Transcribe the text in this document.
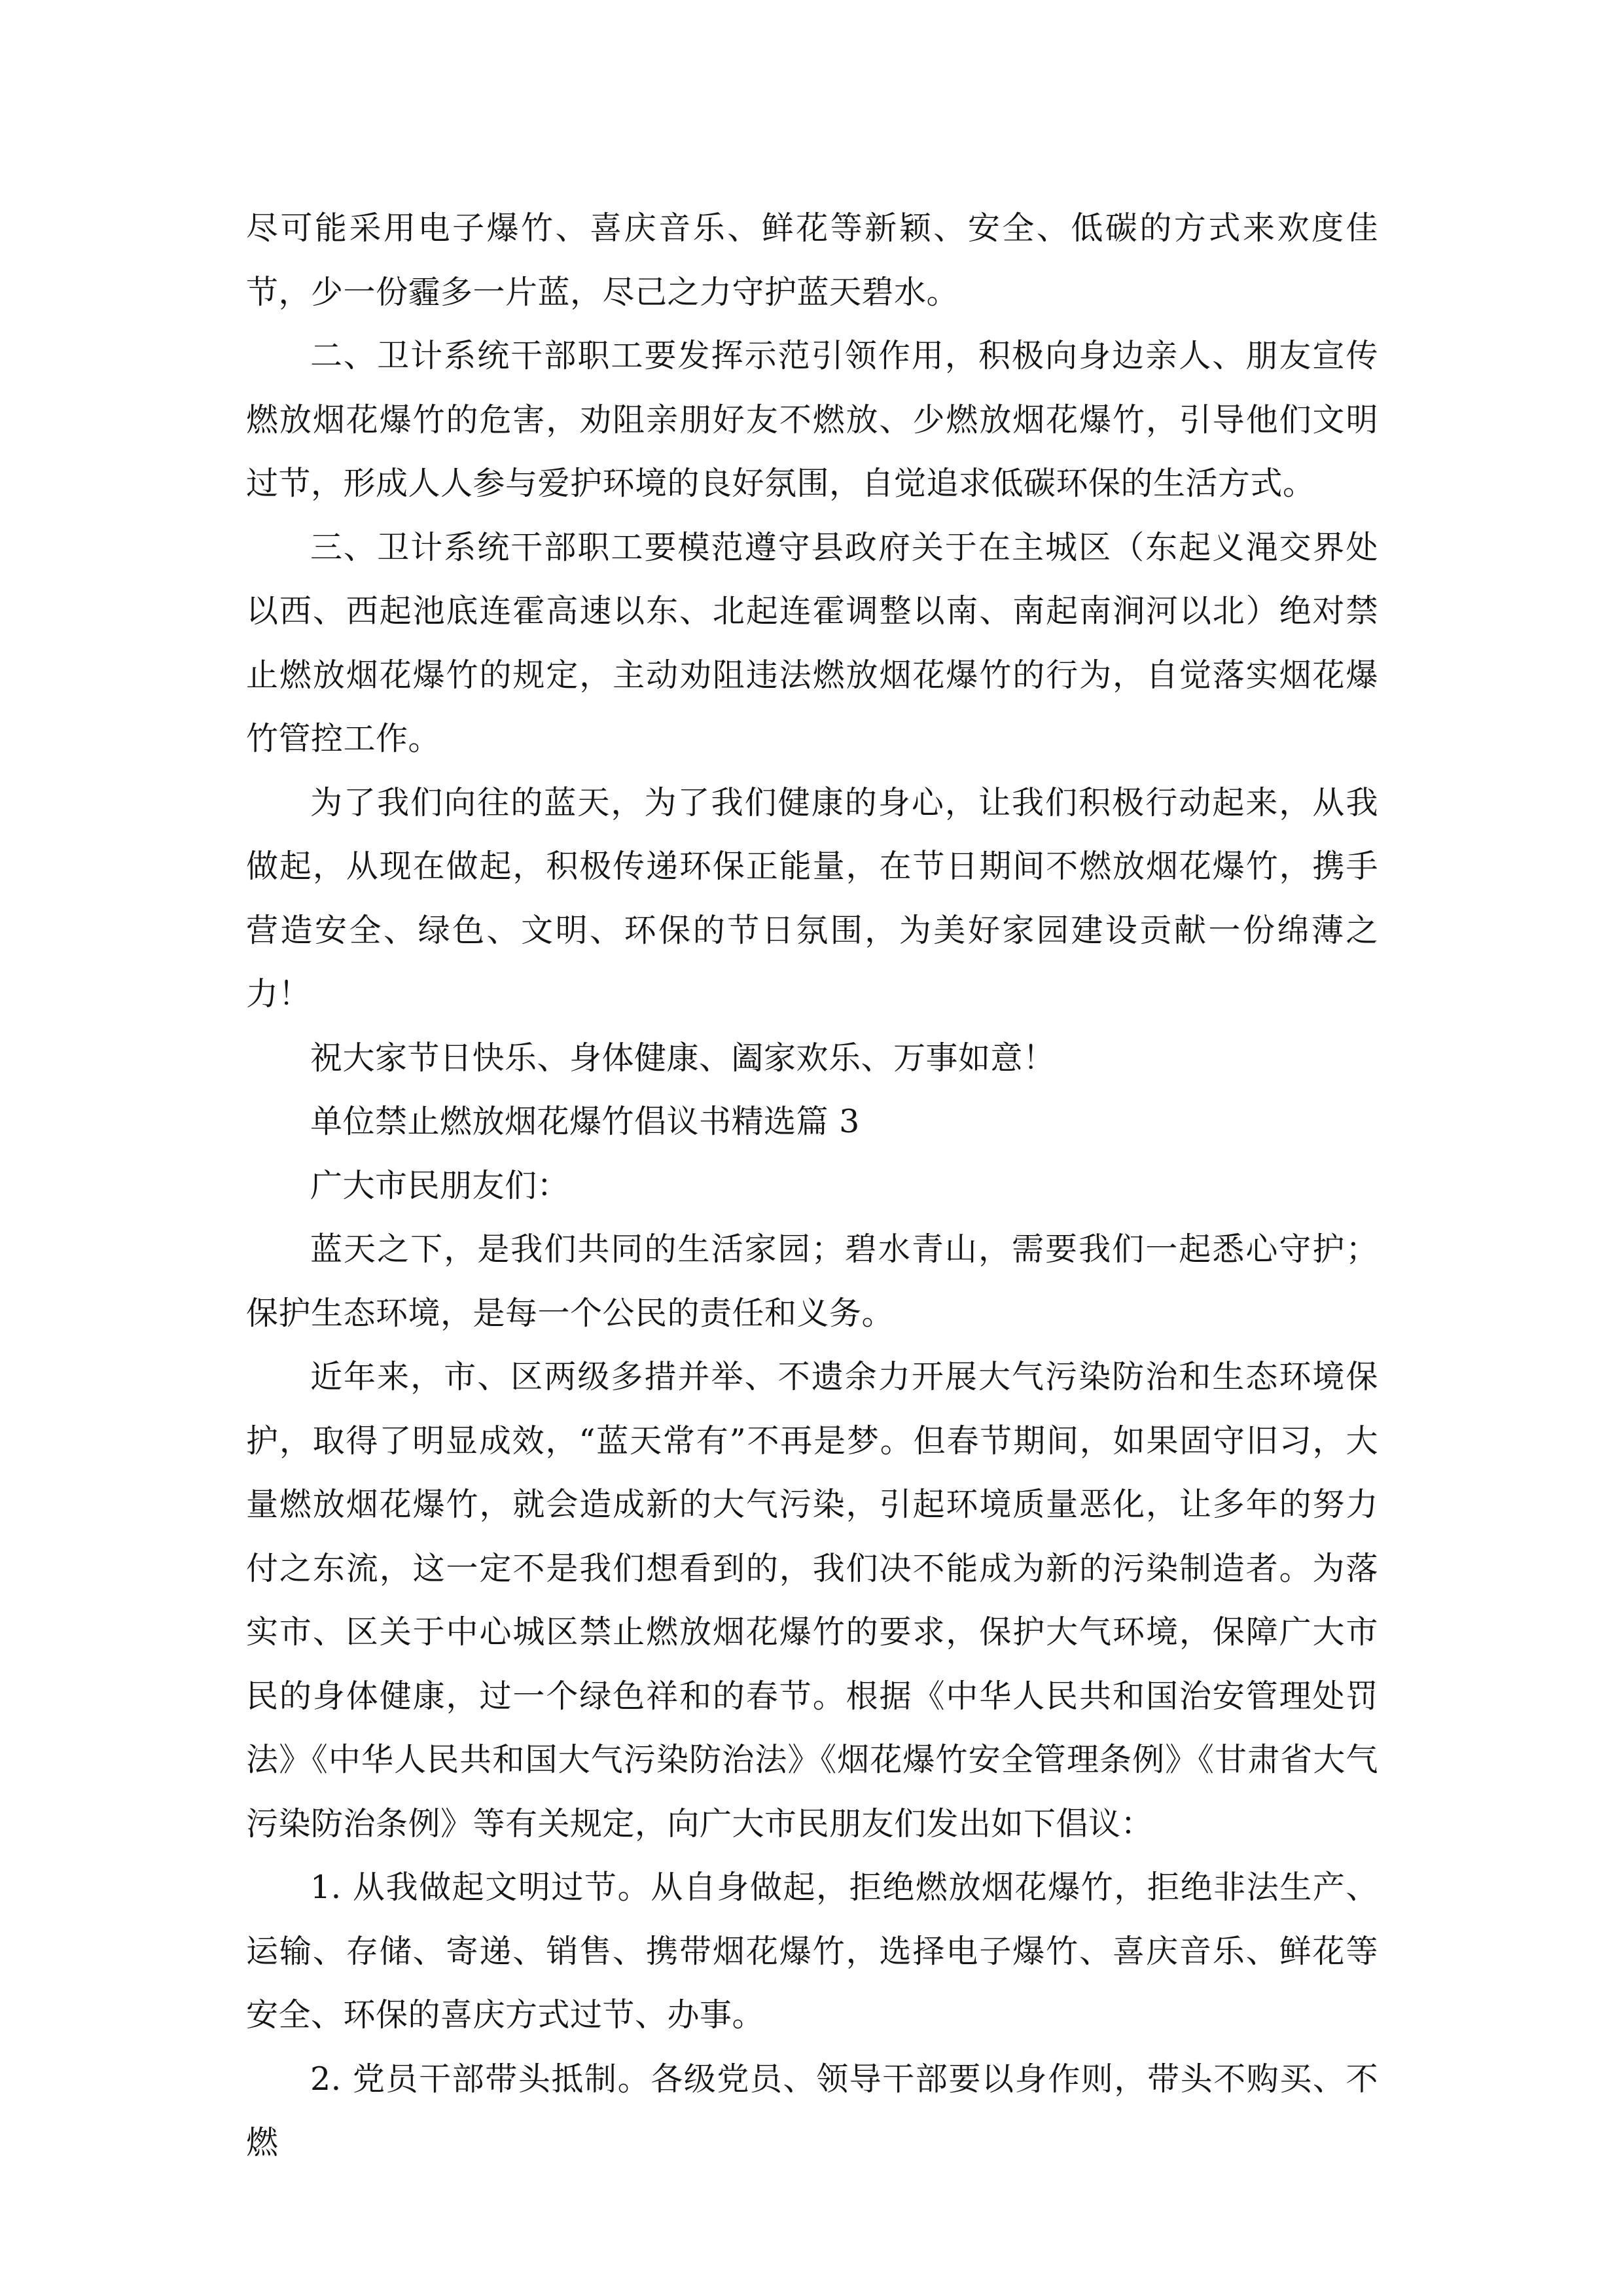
尽可能采用电子爆竹、喜庆音乐、鲜花等新颖、安全、低碳的方式来欢度佳节，少一份霾多一片蓝，尽己之力守护蓝天碧水。

二、卫计系统干部职工要发挥示范引领作用，积极向身边亲人、朋友宣传燃放烟花爆竹的危害，劝阻亲朋好友不燃放、少燃放烟花爆竹，引导他们文明过节，形成人人参与爱护环境的良好氛围，自觉追求低碳环保的生活方式。

三、卫计系统干部职工要模范遵守县政府关于在主城区（东起义渑交界处以西、西起池底连霍高速以东、北起连霍调整以南、南起南涧河以北）绝对禁止燃放烟花爆竹的规定，主动劝阻违法燃放烟花爆竹的行为，自觉落实烟花爆竹管控工作。

为了我们向往的蓝天，为了我们健康的身心，让我们积极行动起来，从我做起，从现在做起，积极传递环保正能量，在节日期间不燃放烟花爆竹，携手营造安全、绿色、文明、环保的节日氛围，为美好家园建设贡献一份绵薄之力！

祝大家节日快乐、身体健康、阖家欢乐、万事如意！

单位禁止燃放烟花爆竹倡议书精选篇 3

广大市民朋友们：

蓝天之下，是我们共同的生活家园；碧水青山，需要我们一起悉心守护；保护生态环境，是每一个公民的责任和义务。

近年来，市、区两级多措并举、不遗余力开展大气污染防治和生态环境保护，取得了明显成效，“蓝天常有”不再是梦。但春节期间，如果固守旧习，大量燃放烟花爆竹，就会造成新的大气污染，引起环境质量恶化，让多年的努力付之东流，这一定不是我们想看到的，我们决不能成为新的污染制造者。为落实市、区关于中心城区禁止燃放烟花爆竹的要求，保护大气环境，保障广大市民的身体健康，过一个绿色祥和的春节。根据《中华人民共和国治安管理处罚法》《中华人民共和国大气污染防治法》《烟花爆竹安全管理条例》《甘肃省大气污染防治条例》等有关规定，向广大市民朋友们发出如下倡议：

1. 从我做起文明过节。从自身做起，拒绝燃放烟花爆竹，拒绝非法生产、运输、存储、寄递、销售、携带烟花爆竹，选择电子爆竹、喜庆音乐、鲜花等安全、环保的喜庆方式过节、办事。

2. 党员干部带头抵制。各级党员、领导干部要以身作则，带头不购买、不燃
